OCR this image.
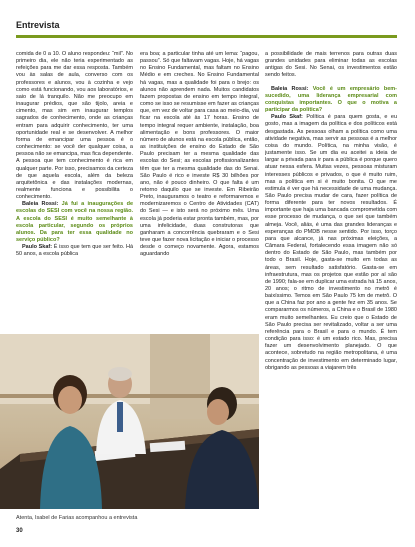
Entrevista

comida de 0 a 10. O aluno respondeu: “mil”. No primeiro dia, ele não teria experimentado as refeições para me dar essa resposta. Também vou às salas de aula, converso com os professores e alunos, vou à cozinha e vejo como está funcionando, vou aos laboratórios, e saio de lá tranquilo. Não me preocupo em inaugurar prédios, que são tijolo, areia e cimento, mas sim em inaugurar templos sagrados de conhecimento, onde as crianças entram para adquirir conhecimento, ter uma oportunidade real e se desenvolver. A melhor forma de emancipar uma pessoa é o conhecimento: se você der qualquer coisa, a pessoa não se emancipa, mas fica dependente. A pessoa que tem conhecimento é rica em qualquer parte. Por isso, precisamos da certeza de que aquela escola, além da beleza arquitetônica e das instalações modernas, realmente funciona e possibilita o conhecimento.

Baleia Rossi: Já fui a inaugurações de escolas do SESI com você na nossa região. A escola do SESI é muito semelhante à escola particular, segundo os próprios alunos. Da para ter essa qualidade no serviço público?

Paulo Skaf: É isso que tem que ser feito. Há 50 anos, a escola pública

era boa; a particular tinha até um lema: “pagou, passou”. Só que faltavam vagas. Hoje, há vagas no Ensino Fundamental, mas faltam no Ensino Médio e em creches. No Ensino Fundamental há vagas, mas a qualidade foi para o brejo: os alunos não aprendem nada. Muitos candidatos fazem propostas de ensino em tempo integral, como se isso se resumisse em fazer as crianças que, em vez de voltar para casa ao meio-dia, vai ficar na escola até às 17 horas. Ensino de tempo integral requer ambiente, instalação, boa alimentação e bons professores. O maior número de alunos está na escola pública, então, as instituições de ensino do Estado de São Paulo precisam ter a mesma qualidade das escolas do Sesi; as escolas profissionalizantes têm que ter a mesma qualidade das do Senai. São Paulo é rico e investe R$ 30 bilhões por ano, não é pouco dinheiro. O que falta é um retorno daquilo que se investe. Em Ribeirão Preto, inauguramos o teatro e reformaremos e modernizaremos o Centro de Atividades (CAT) do Sesi — e isto será no próximo mês. Uma escola já poderia estar pronta também, mas, por uma infelicidade, duas construtoras que ganharam a concorrência quebraram e o Sesi teve que fazer nova licitação e iniciar o processo desde o começo novamente. Agora, estamos aguardando

a possibilidade de mais terrenos para outras duas grandes unidades para eliminar todas as escolas antigas do Sesi. No Senai, os investimentos estão sendo feitos.

Baleia Rossi: Você é um empresário bem-sucedido, uma liderança empresarial com conquistas importantes. O que o motiva a participar da política?

Paulo Skaf: Política é para quem gosta, e eu gosto, mas a imagem da política e dos políticos está desgastada. As pessoas olham a política como uma atividade negativa, mas servir as pessoas é a melhor coisa do mundo. Política, na minha visão, é justamente isso. Se um dia eu aceitei a ideia de largar a privada para ir para a pública é porque quero atuar nessa esfera. Muitas vezes, pessoas misturam interesses públicos e privados, o que é muito ruim, mas a política em si é muito bonita. O que me estimula é ver que há necessidade de uma mudança. São Paulo precisa mudar de cara, fazer política de forma diferente para ter novos resultados. É importante que haja uma bancada comprometida com esse processo de mudança, o que sei que também almeja. Você, aliás, é uma das grandes lideranças e esperanças do PMDB nesse sentido. Por isso, torço para que alcance, já nas próximas eleições, a Câmara Federal, fortalecendo essa imagem não só dentro do Estado de São Paulo, mas também por todo o Brasil. Hoje, gasta-se muito em todas as áreas, sem resultado satisfatório. Gasta-se em infraestrutura, mas os projetos que estão por aí são de 1990; fala-se em duplicar uma estrada há 15 anos, 20 anos; o ritmo de investimento no metrô é baixíssimo. Temos em São Paulo 75 km de metrô. O que a China faz por ano a gente fez em 35 anos. Se compararmos os números, a China e o Brasil de 1980 eram muito semelhantes. Eu creio que o Estado de São Paulo precisa ser revitalizado, voltar a ser uma referência para o Brasil e para o mundo. É tem condição para isso: é um estado rico. Mas, precisa fazer um desenvolvimento planejado. O que acontece, sobretudo na região metropolitana, é uma concentração de investimento em determinado lugar, obrigando as pessoas a viajarem três

Atenta, Isabel de Farias acompanhou a entrevista
30
